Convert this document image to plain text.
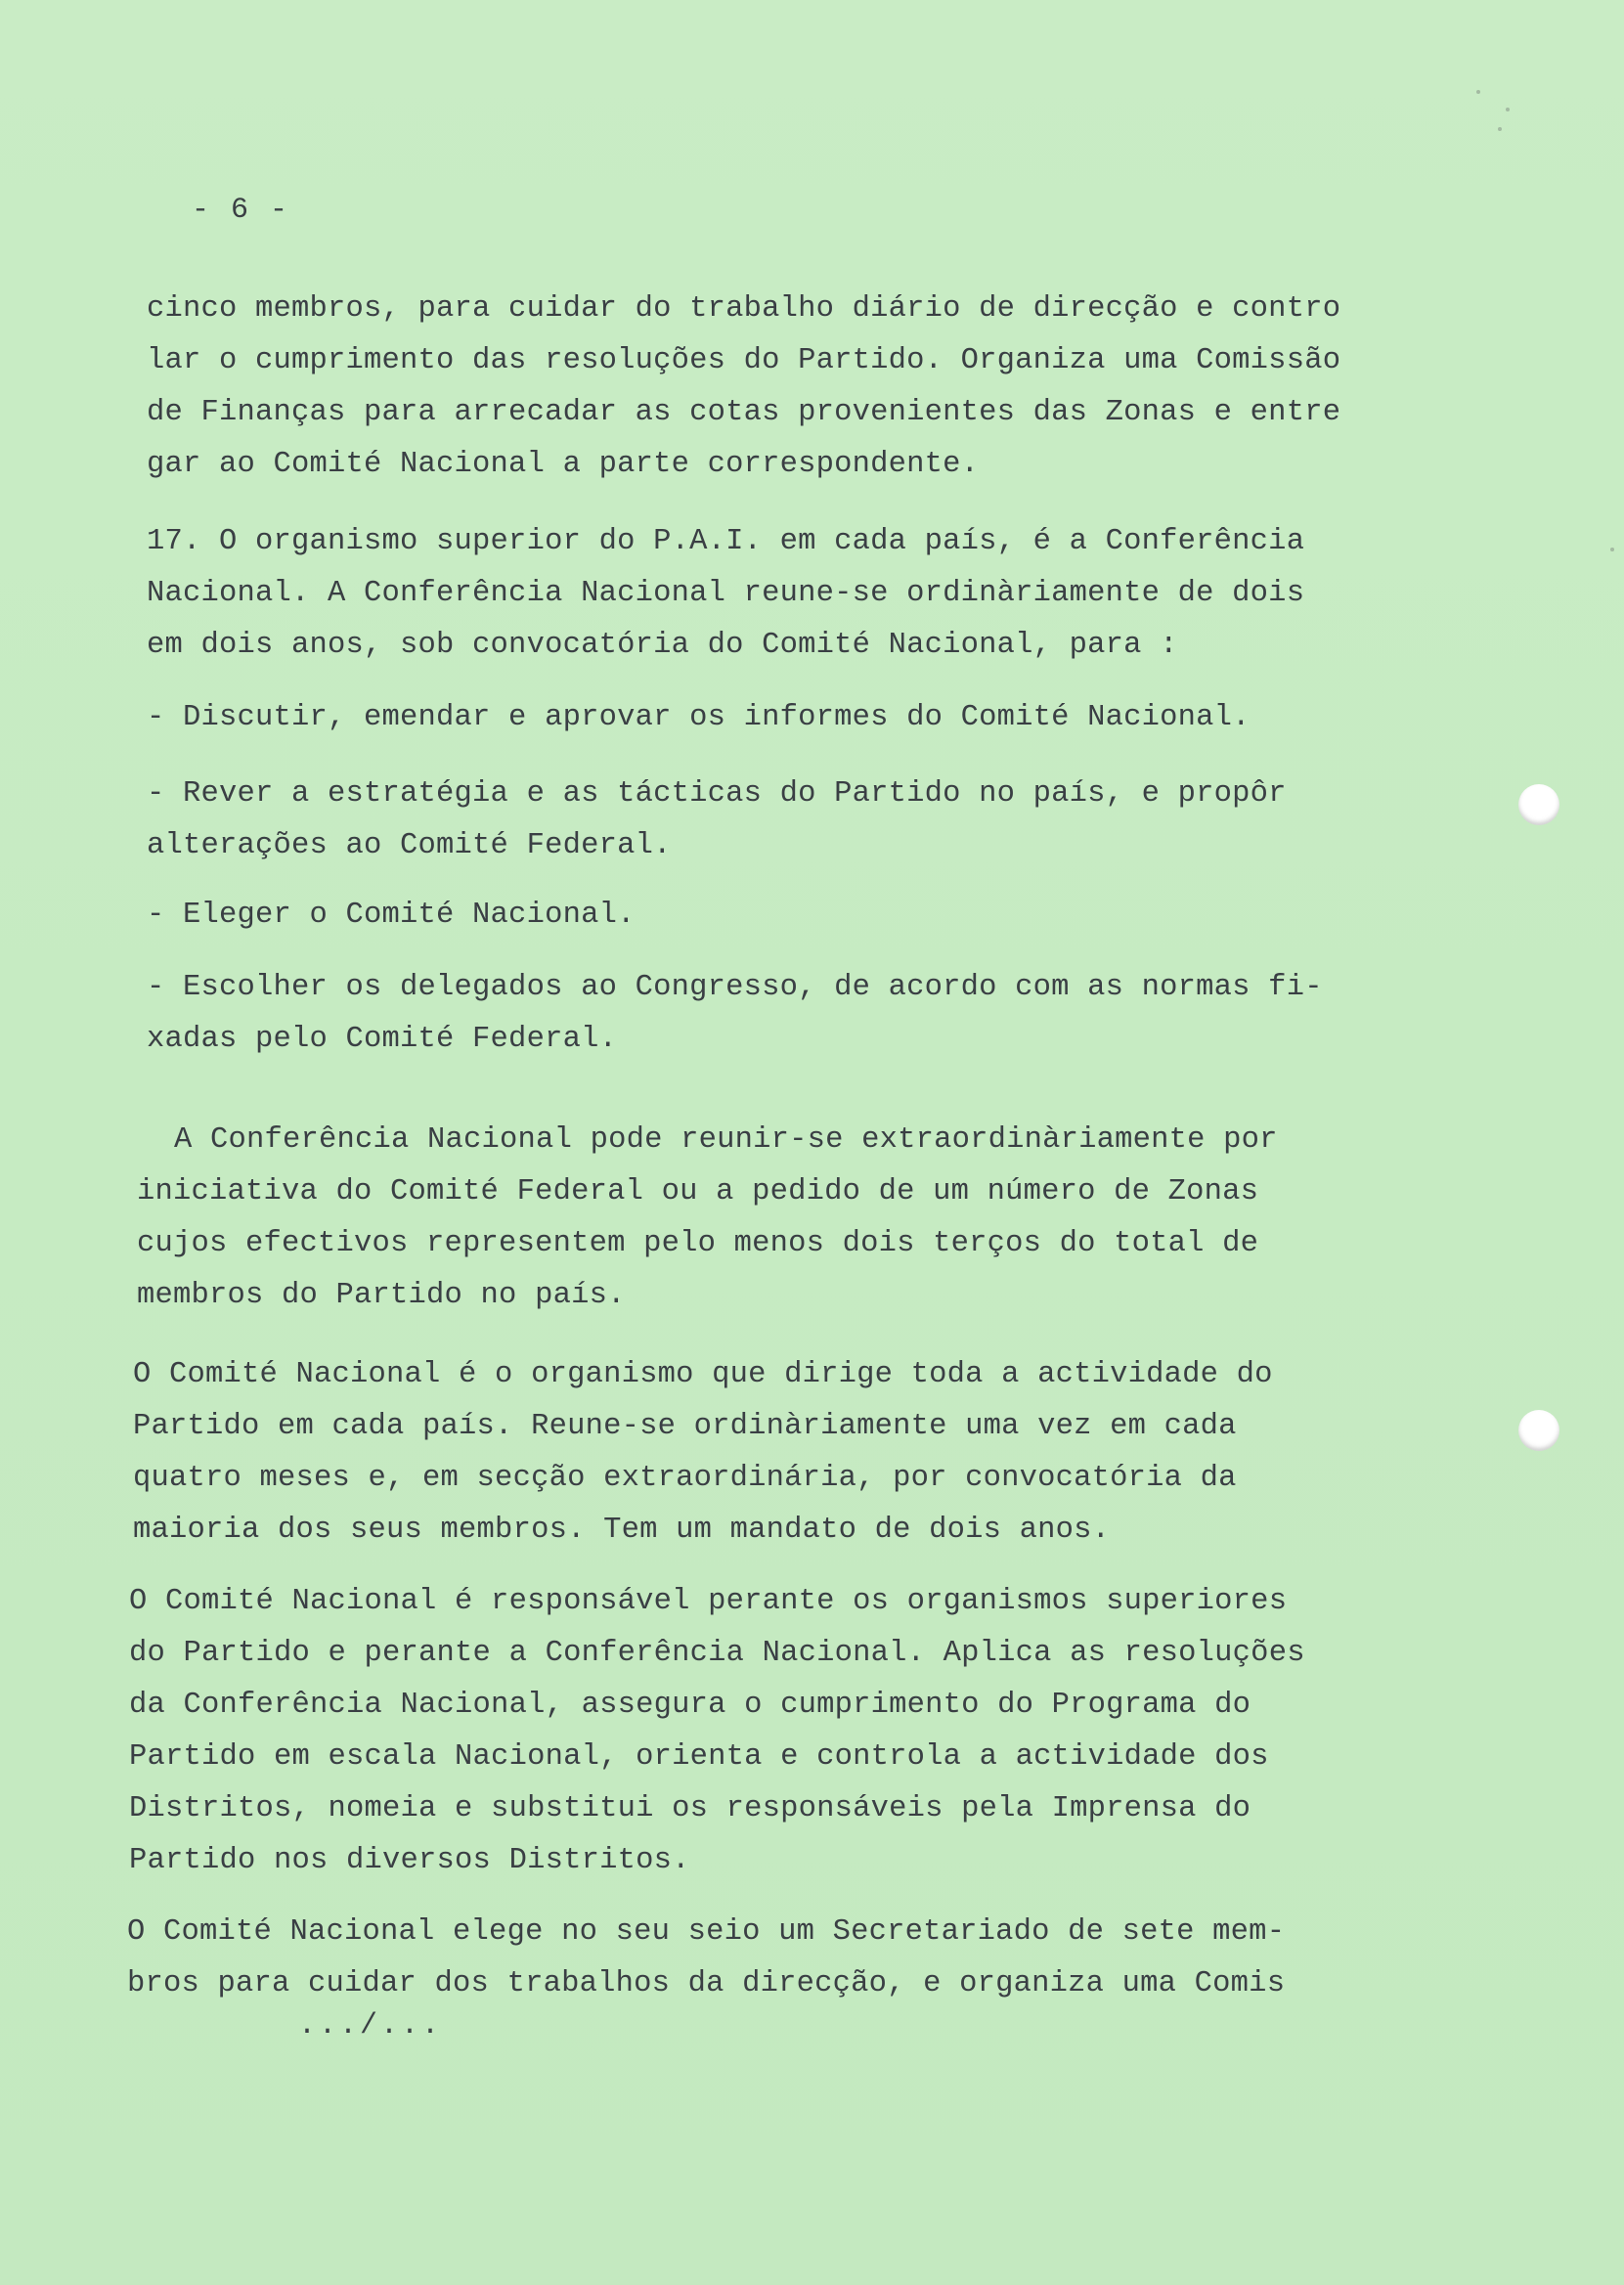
- 6 -
cinco membros, para cuidar do trabalho diário de direcção e contro
lar o cumprimento das resoluções do Partido. Organiza uma Comissão
de Finanças para arrecadar as cotas provenientes das Zonas e entre
gar ao Comité Nacional a parte correspondente.
17. O organismo superior do P.A.I. em cada país, é a Conferência
Nacional. A Conferência Nacional reune-se ordinàriamente de dois
em dois anos, sob convocatória do Comité Nacional, para :
- Discutir, emendar e aprovar os informes do Comité Nacional.
- Rever a estratégia e as tácticas do Partido no país, e propôr
alterações ao Comité Federal.
- Eleger o Comité Nacional.
- Escolher os delegados ao Congresso, de acordo com as normas fi-
xadas pelo Comité Federal.
A Conferência Nacional pode reunir-se extraordinàriamente por
iniciativa do Comité Federal ou a pedido de um número de Zonas
cujos efectivos representem pelo menos dois terços do total de
membros do Partido no país.
O Comité Nacional é o organismo que dirige toda a actividade do
Partido em cada país. Reune-se ordinàriamente uma vez em cada
quatro meses e, em secção extraordinária, por convocatória da
maioria dos seus membros. Tem um mandato de dois anos.
O Comité Nacional é responsável perante os organismos superiores
do Partido e perante a Conferência Nacional. Aplica as resoluções
da Conferência Nacional, assegura o cumprimento do Programa do
Partido em escala Nacional, orienta e controla a actividade dos
Distritos, nomeia e substitui os responsáveis pela Imprensa do
Partido nos diversos Distritos.
O Comité Nacional elege no seu seio um Secretariado de sete mem-
bros para cuidar dos trabalhos da direcção, e organiza uma Comis
.../...
